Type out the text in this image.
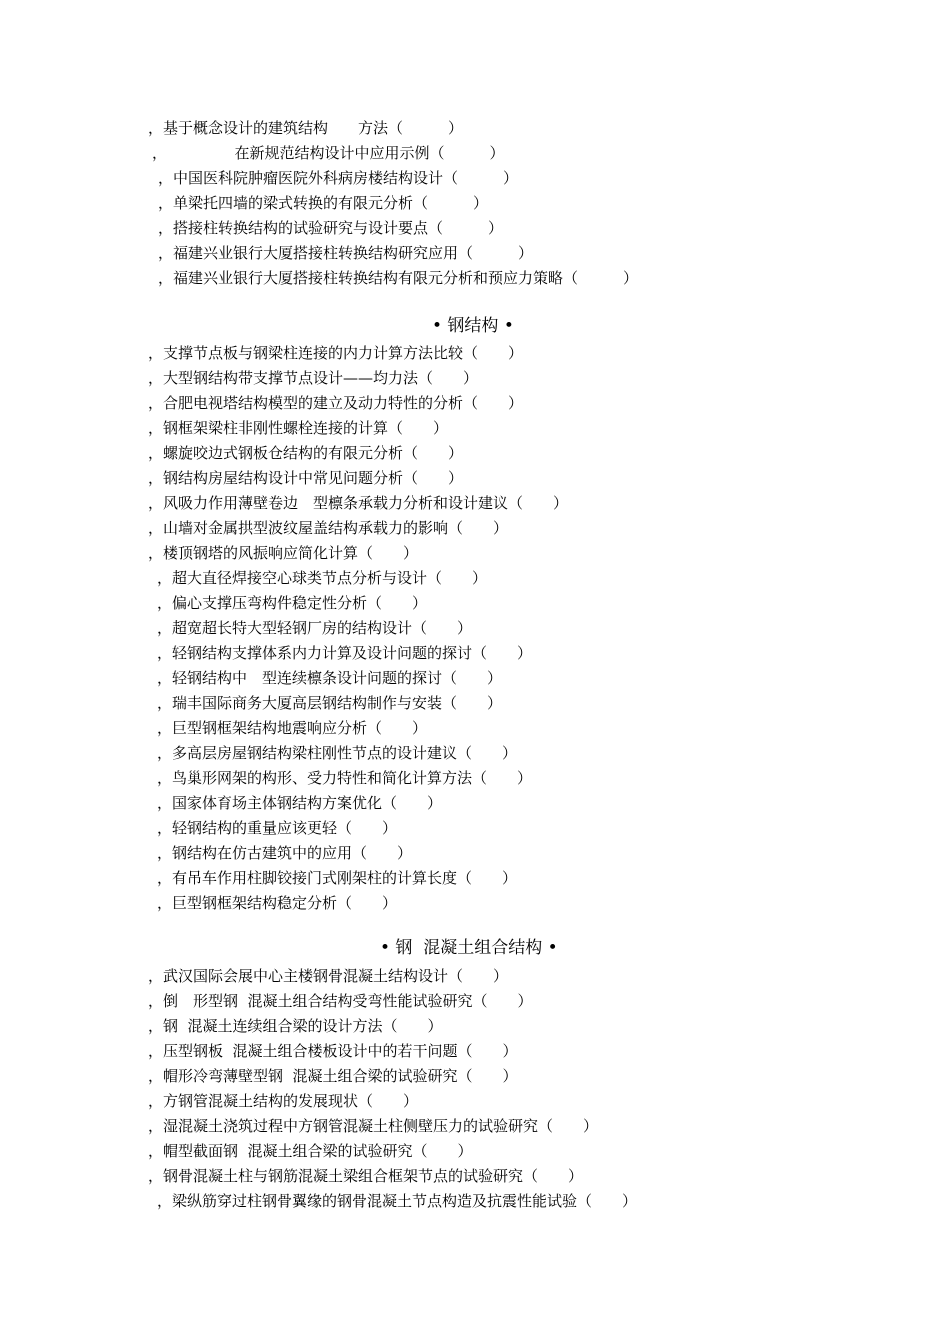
，基于概念设计的建筑结构　　方法（　　　）
，　　　　　在新规范结构设计中应用示例（　　　）
，中国医科院肿瘤医院外科病房楼结构设计（　　　）
，单梁托四墙的梁式转换的有限元分析（　　　）
，搭接柱转换结构的试验研究与设计要点（　　　）
，福建兴业银行大厦搭接柱转换结构研究应用（　　　）
，福建兴业银行大厦搭接柱转换结构有限元分析和预应力策略（　　　）
• 钢结构 •
，支撑节点板与钢梁柱连接的内力计算方法比较（　　）
，大型钢结构带支撑节点设计——均力法（　　）
，合肥电视塔结构模型的建立及动力特性的分析（　　）
，钢框架梁柱非刚性螺栓连接的计算（　　）
，螺旋咬边式钢板仓结构的有限元分析（　　）
，钢结构房屋结构设计中常见问题分析（　　）
，风吸力作用薄壁卷边　型檩条承载力分析和设计建议（　　）
，山墙对金属拱型波纹屋盖结构承载力的影响（　　）
，楼顶钢塔的风振响应简化计算（　　）
，超大直径焊接空心球类节点分析与设计（　　）
，偏心支撑压弯构件稳定性分析（　　）
，超宽超长特大型轻钢厂房的结构设计（　　）
，轻钢结构支撑体系内力计算及设计问题的探讨（　　）
，轻钢结构中　型连续檩条设计问题的探讨（　　）
，瑞丰国际商务大厦高层钢结构制作与安装（　　）
，巨型钢框架结构地震响应分析（　　）
，多高层房屋钢结构梁柱刚性节点的设计建议（　　）
，鸟巢形网架的构形、受力特性和简化计算方法（　　）
，国家体育场主体钢结构方案优化（　　）
，轻钢结构的重量应该更轻（　　）
，钢结构在仿古建筑中的应用（　　）
，有吊车作用柱脚铰接门式刚架柱的计算长度（　　）
，巨型钢框架结构稳定分析（　　）
• 钢  混凝土组合结构 •
，武汉国际会展中心主楼钢骨混凝土结构设计（　　）
，倒　形型钢  混凝土组合结构受弯性能试验研究（　　）
，钢  混凝土连续组合梁的设计方法（　　）
，压型钢板  混凝土组合楼板设计中的若干问题（　　）
，帽形冷弯薄壁型钢  混凝土组合梁的试验研究（　　）
，方钢管混凝土结构的发展现状（　　）
，湿混凝土浇筑过程中方钢管混凝土柱侧壁压力的试验研究（　　）
，帽型截面钢  混凝土组合梁的试验研究（　　）
，钢骨混凝土柱与钢筋混凝土梁组合框架节点的试验研究（　　）
，梁纵筋穿过柱钢骨翼缘的钢骨混凝土节点构造及抗震性能试验（　　）
